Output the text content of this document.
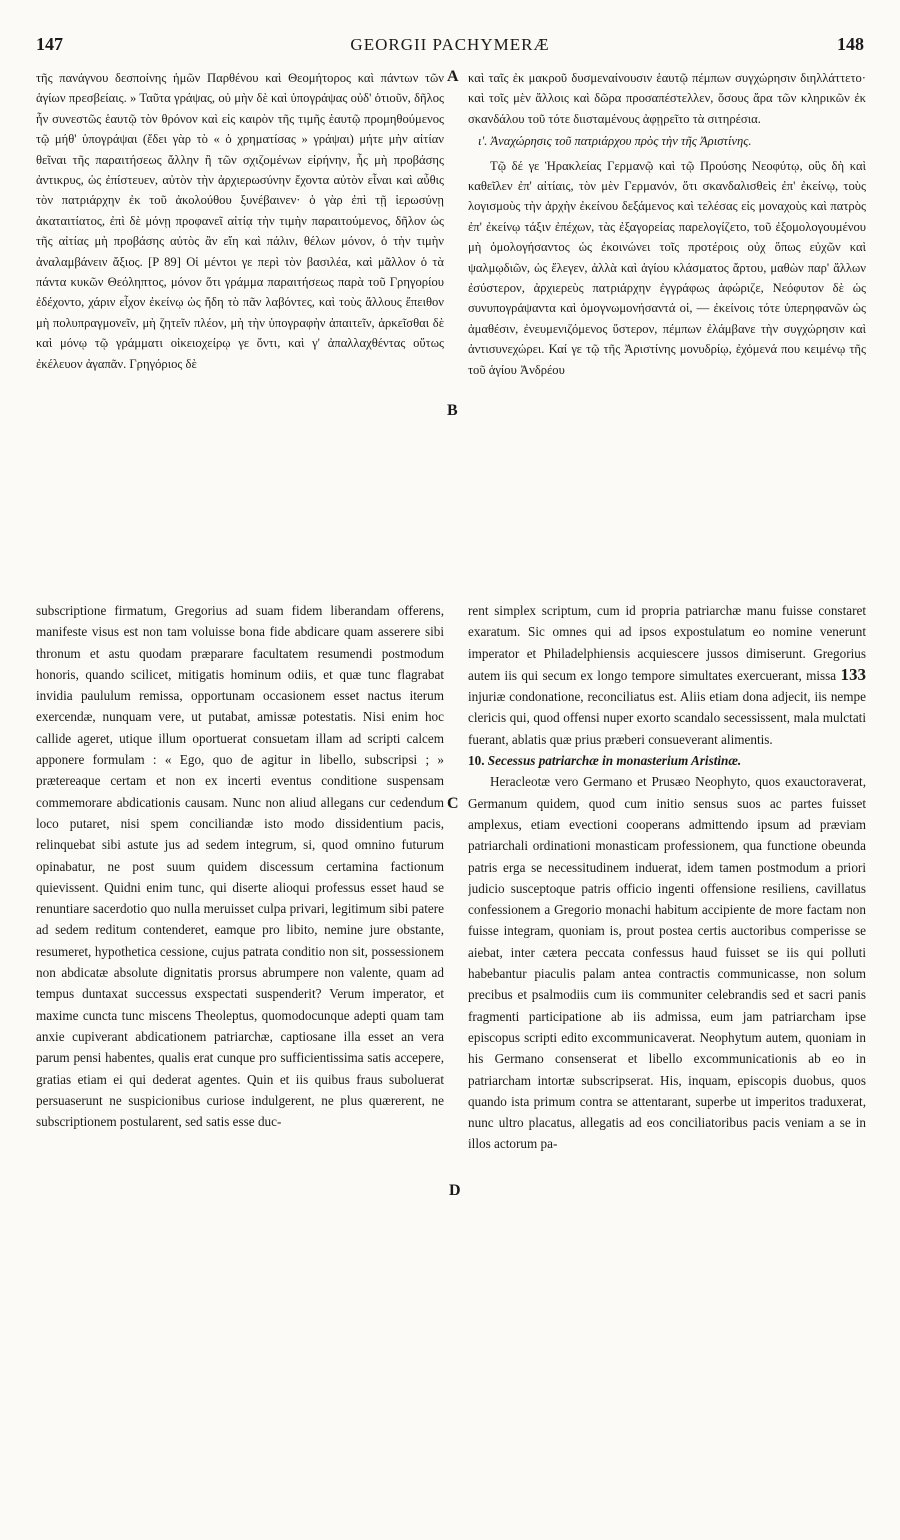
147	GEORGII PACHYMERÆ	148

τῆς πανάγνου δεσποίνης ἡμῶν Παρθένου καὶ Θεομήτορος καὶ πάντων τῶν ἁγίων πρεσβείαις. » Ταῦτα γράψας, οὐ μὴν δὲ καὶ ὑπογράψας οὐδ' ὁτιοῦν, δῆλος ἦν συνεστῶς ἑαυτῷ τὸν θρόνον καὶ εἰς καιρὸν τῆς τιμῆς ἑαυτῷ προμηθούμενος τῷ μήθ' ὑπογράψαι (ἔδει γὰρ τὸ « ὁ χρηματίσας » γράψαι) μήτε μὴν αἰτίαν θεῖναι τῆς παραιτήσεως ἄλλην ἢ τῶν σχιζομένων εἰρήνην, ἧς μὴ προβάσης ἀντικρυς, ὡς ἐπίστευεν, αὐτὸν τὴν ἀρχιερωσύνην ἔχοντα αὐτὸν εἶναι καὶ αὖθις τὸν πατριάρχην ἐκ τοῦ ἀκολούθου ξυνέβαινεν· ὁ γὰρ ἐπὶ τῇ ἱερωσύνῃ ἀκαταιτίατος, ἐπὶ δὲ μόνῃ προφανεῖ αἰτίᾳ τὴν τιμὴν παραιτούμενος, δῆλον ὡς τῆς αἰτίας μὴ προβάσης αὐτὸς ἂν εἴη καὶ πάλιν, θέλων μόνον, ὁ τὴν τιμὴν ἀναλαμβάνειν ἄξιος. [P 89] Οἱ μέντοι γε περὶ τὸν βασιλέα, καὶ μᾶλλον ὁ τὰ πάντα κυκῶν Θεόληπτος, μόνον ὅτι γράμμα παραιτήσεως παρὰ τοῦ Γρηγορίου ἐδέχοντο, χάριν εἶχον ἐκείνῳ ὡς ἤδη τὸ πᾶν λαβόντες, καὶ τοὺς ἄλλους ἔπειθον μὴ πολυπραγμονεῖν, μὴ ζητεῖν πλέον, μὴ τὴν ὑπογραφὴν ἀπαιτεῖν, ἀρκεῖσθαι δὲ καὶ μόνῳ τῷ γράμματι οἰκειοχείρῳ γε ὄντι, καὶ γ' ἀπαλλαχθέντας οὕτως ἐκέλευον ἀγαπᾶν. Γρηγόριος δὲ

καὶ ταῖς ἐκ μακροῦ δυσμεναίνουσιν ἑαυτῷ πέμπων συγχώρησιν διηλλάττετο· καὶ τοῖς μὲν ἄλλοις καὶ δῶρα προσαπέστελλεν, ὅσους ἄρα τῶν κληρικῶν ἐκ σκανδάλου τοῦ τότε διισταμένους ἀφῃρεῖτο τὰ σιτηρέσια.

ι'. Ἀναχώρησις τοῦ πατριάρχου πρὸς τὴν τῆς Ἀριστίνης.

Τῷ δέ γε Ἡρακλείας Γερμανῷ καὶ τῷ Προύσης Νεοφύτῳ, οὓς δὴ καὶ καθεῖλεν ἐπ' αἰτίαις, τὸν μὲν Γερμανόν, ὅτι σκανδαλισθεὶς ἐπ' ἐκείνῳ, τοὺς λογισμοὺς τὴν ἀρχὴν ἐκείνου δεξάμενος καὶ τελέσας εἰς μοναχοὺς καὶ πατρὸς ἐπ' ἐκείνῳ τάξιν ἐπέχων, τὰς ἐξαγορείας παρελογίζετο, τοῦ ἐξομολογουμένου μὴ ὁμολογήσαντος ὡς ἐκοινώνει τοῖς προτέροις οὐχ ὅπως εὐχῶν καὶ ψαλμῳδιῶν, ὡς ἔλεγεν, ἀλλὰ καὶ ἁγίου κλάσματος ἄρτου, μαθὼν παρ' ἄλλων ἐσύστερον, ἀρχιερεὺς πατριάρχην ἐγγράφως ἀφώριζε, Νεόφυτον δὲ ὡς συνυπογράψαντα καὶ ὁμογνωμονήσαντά οἱ, — ἐκείνοις τότε ὑπερηφανῶν ὡς ἀμαθέσιν, ἐνευμενιζόμενος ὕστερον, πέμπων ἐλάμβανε τὴν συγχώρησιν καὶ ἀντισυνεχώρει. Καί γε τῷ τῆς Ἀριστίνης μονυδρίῳ, ἐχόμενά που κειμένῳ τῆς τοῦ ἁγίου Ἀνδρέου

subscriptione firmatum, Gregorius ad suam fidem liberandam offerens, manifeste visus est non tam voluisse bona fide abdicare quam asserere sibi thronum et astu quodam præparare facultatem resumendi postmodum honoris, quando scilicet, mitigatis hominum odiis, et quæ tunc flagrabat invidia paululum remissa, opportunam occasionem esset nactus iterum exercendæ, nunquam vere, ut putabat, amissæ potestatis. Nisi enim hoc callide ageret, utique illum oportuerat consuetam illam ad scripti calcem apponere formulam : « Ego, quo de agitur in libello, subscripsi ; » prætereaque certam et non ex incerti eventus conditione suspensam commemorare abdicationis causam. Nunc non aliud allegans cur cedendum loco putaret, nisi spem conciliandæ isto modo dissidentium pacis, relinquebat sibi astute jus ad sedem integrum, si, quod omnino futurum opinabatur, ne post suum quidem discessum certamina factionum quievissent. Quidni enim tunc, qui diserte alioqui professus esset haud se renuntiare sacerdotio quo nulla meruisset culpa privari, legitimum sibi patere ad sedem reditum contenderet, eamque pro libito, nemine jure obstante, resumeret, hypothetica cessione, cujus patrata conditio non sit, possessionem non abdicatæ absolute dignitatis prorsus abrumpere non valente, quam ad tempus duntaxat successus exspectati suspenderit? Verum imperator, et maxime cuncta tunc miscens Theoleptus, quomodocunque adepti quam tam anxie cupiverant abdicationem patriarchæ, captiosane illa esset an vera parum pensi habentes, qualis erat cunque pro sufficientissima satis accepere, gratias etiam ei qui dederat agentes. Quin et iis quibus fraus suboluerat persuaserunt ne suspicionibus curiose indulgerent, ne plus quærerent, ne subscriptionem postularent, sed satis esse duc-

rent simplex scriptum, cum id propria patriarchæ manu fuisse constaret exaratum. Sic omnes qui ad ipsos expostulatum eo nomine venerunt imperator et Philadelphiensis acquiescere jussos dimiserunt. Gregorius autem iis qui secum ex longo tempore simultates exercuerant, missa 133 injuriæ condonatione, reconciliatus est. Aliis etiam dona adjecit, iis nempe clericis qui, quod offensi nuper exorto scandalo secessissent, mala mulctati fuerant, ablatis quæ prius præberi consueverant alimentis.

10. Secessus patriarchæ in monasterium Aristinæ.

Heracleotæ vero Germano et Prusæo Neophyto, quos exauctoraverat, Germanum quidem, quod cum initio sensus suos ac partes fuisset amplexus, etiam evectioni cooperans admittendo ipsum ad præviam patriarchali ordinationi monasticam professionem, qua functione obeunda patris erga se necessitudinem induerat, idem tamen postmodum a priori judicio susceptoque patris officio ingenti offensione resiliens, cavillatus confessionem a Gregorio monachi habitum accipiente de more factam non fuisse integram, quoniam is, prout postea certis auctoribus comperisse se aiebat, inter cætera peccata confessus haud fuisset se iis qui polluti habebantur piaculis palam antea contractis communicasse, non solum precibus et psalmodiis cum iis communiter celebrandis sed et sacri panis fragmenti participatione ab iis admissa, eum jam patriarcham ipse episcopus scripti edito excommunicaverat. Neophytum autem, quoniam in his Germano consenserat et libello excommunicationis ab eo in patriarcham intortæ subscripserat. His, inquam, episcopis duobus, quos quando ista primum contra se attentarant, superbe ut imperitos traduxerat, nunc ultro placatus, allegatis ad eos conciliatoribus pacis veniam a se in illos actorum pa-

A
B
C
D
